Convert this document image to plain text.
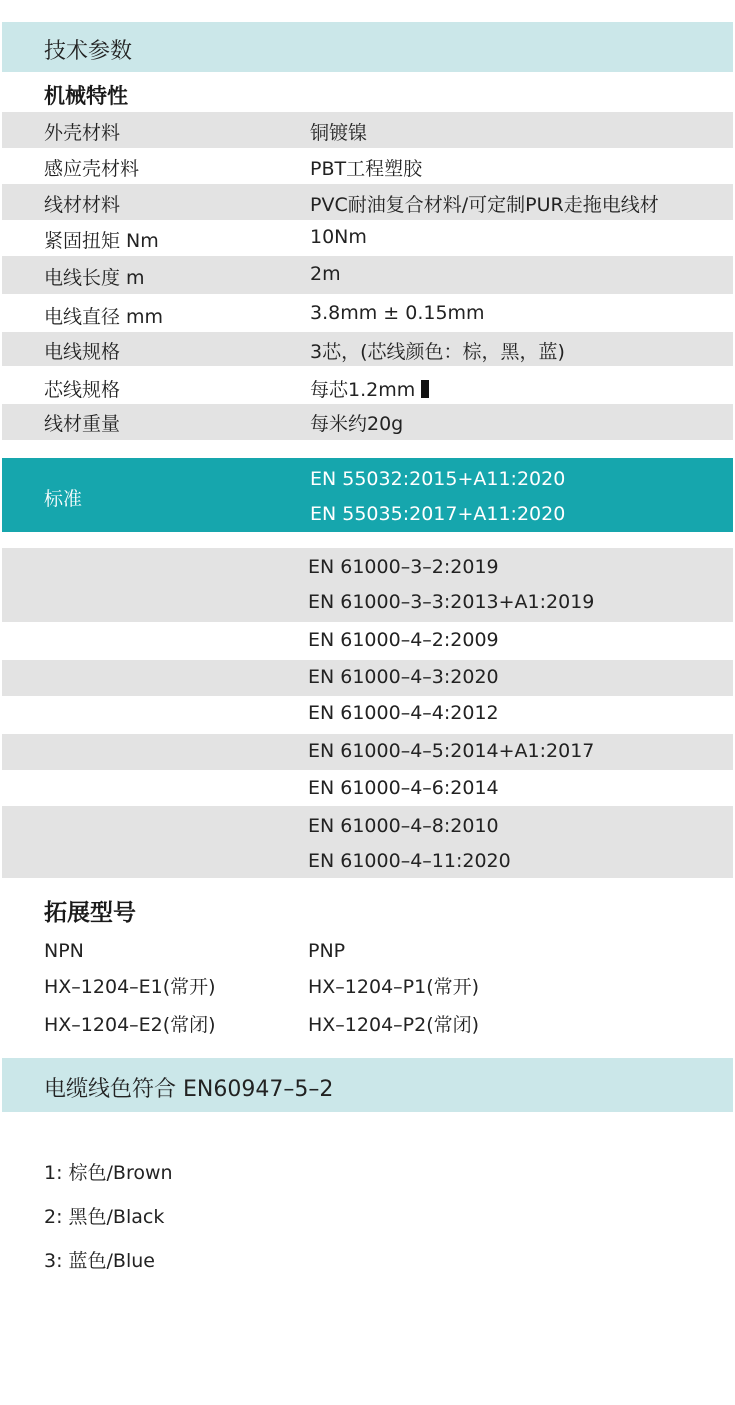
技术参数
机械特性
外壳材料	铜镀镍
感应壳材料	PBT工程塑胶
线材材料	PVC耐油复合材料/可定制PUR走拖电线材
紧固扭矩 Nm	10Nm
电线长度 m	2m
电线直径 mm	3.8mm ± 0.15mm
电线规格	3芯，(芯线颜色：棕，黑，蓝)
芯线规格	每芯1.2mm
线材重量	每米约20g
标准
EN 55032:2015+A11:2020
EN 55035:2017+A11:2020
EN 61000–3–2:2019
EN 61000–3–3:2013+A1:2019
EN 61000–4–2:2009
EN 61000–4–3:2020
EN 61000–4–4:2012
EN 61000–4–5:2014+A1:2017
EN 61000–4–6:2014
EN 61000–4–8:2010
EN 61000–4–11:2020
拓展型号
NPN	PNP
HX–1204–E1(常开)	HX–1204–P1(常开)
HX–1204–E2(常闭)	HX–1204–P2(常闭)
电缆线色符合 EN60947–5–2
1: 棕色/Brown
2: 黑色/Black
3: 蓝色/Blue
